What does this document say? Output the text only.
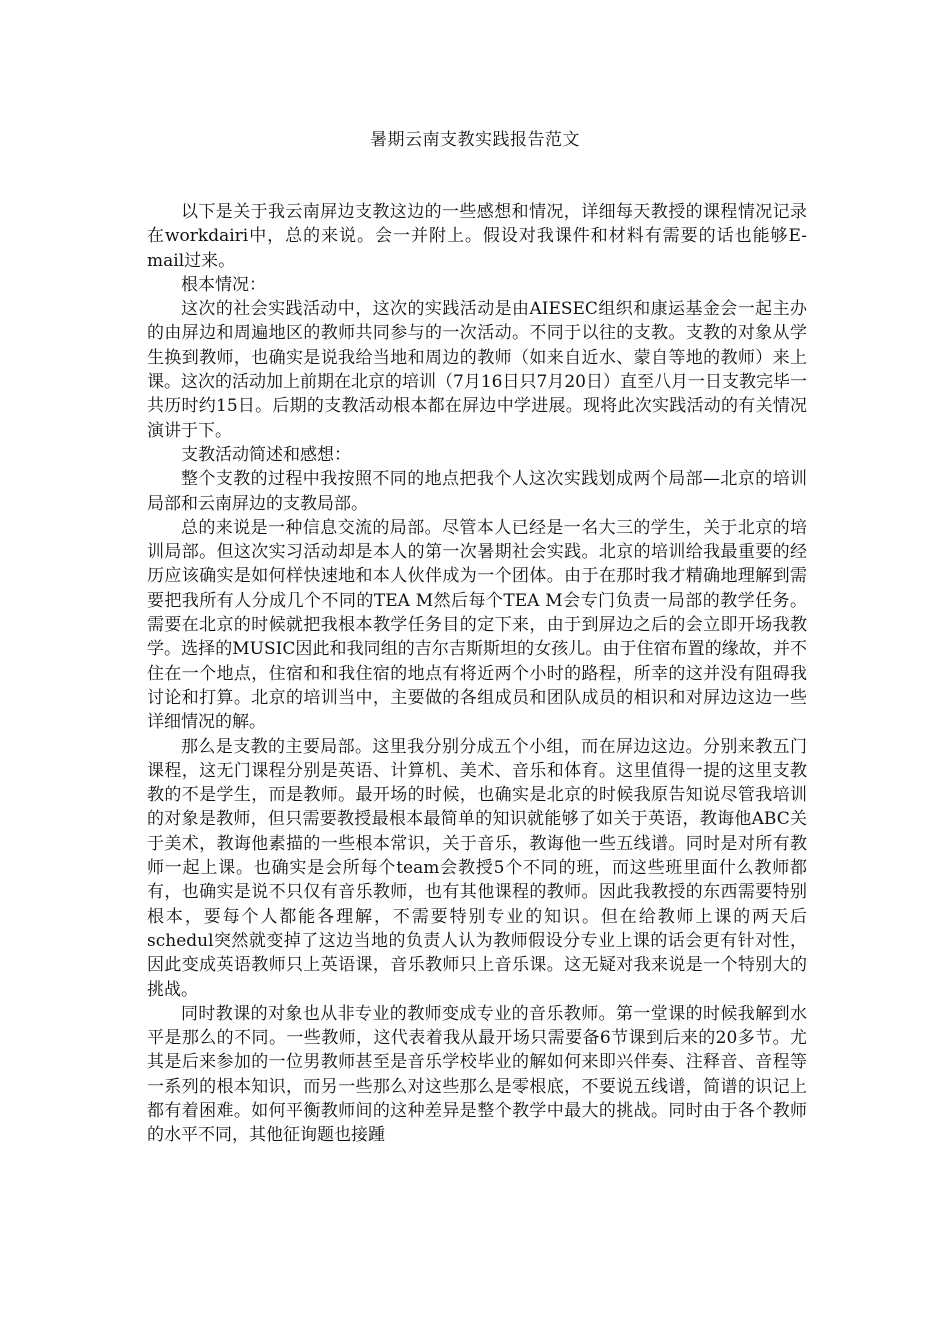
暑期云南支教实践报告范文

以下是关于我云南屏边支教这边的一些感想和情况，详细每天教授的课程情况记录在workdairi中，总的来说。会一并附上。假设对我课件和材料有需要的话也能够E-mail过来。

根本情况：

这次的社会实践活动中，这次的实践活动是由AIESEC组织和康运基金会一起主办的由屏边和周遍地区的教师共同参与的一次活动。不同于以往的支教。支教的对象从学生换到教师，也确实是说我给当地和周边的教师（如来自近水、蒙自等地的教师）来上课。这次的活动加上前期在北京的培训（7月16日只7月20日）直至八月一日支教完毕一共历时约15日。后期的支教活动根本都在屏边中学进展。现将此次实践活动的有关情况演讲于下。

支教活动简述和感想：

整个支教的过程中我按照不同的地点把我个人这次实践划成两个局部—北京的培训局部和云南屏边的支教局部。

总的来说是一种信息交流的局部。尽管本人已经是一名大三的学生，关于北京的培训局部。但这次实习活动却是本人的第一次暑期社会实践。北京的培训给我最重要的经历应该确实是如何样快速地和本人伙伴成为一个团体。由于在那时我才精确地理解到需要把我所有人分成几个不同的TEA M然后每个TEA M会专门负责一局部的教学任务。需要在北京的时候就把我根本教学任务目的定下来，由于到屏边之后的会立即开场我教学。选择的MUSIC因此和我同组的吉尔吉斯斯坦的女孩儿。由于住宿布置的缘故，并不住在一个地点，住宿和和我住宿的地点有将近两个小时的路程，所幸的这并没有阻碍我讨论和打算。北京的培训当中，主要做的各组成员和团队成员的相识和对屏边这边一些详细情况的解。

那么是支教的主要局部。这里我分别分成五个小组，而在屏边这边。分别来教五门课程，这无门课程分别是英语、计算机、美术、音乐和体育。这里值得一提的这里支教教的不是学生，而是教师。最开场的时候，也确实是北京的时候我原告知说尽管我培训的对象是教师，但只需要教授最根本最简单的知识就能够了如关于英语，教诲他ABC关于美术，教诲他素描的一些根本常识，关于音乐，教诲他一些五线谱。同时是对所有教师一起上课。也确实是会所每个team会教授5个不同的班，而这些班里面什么教师都有，也确实是说不只仅有音乐教师，也有其他课程的教师。因此我教授的东西需要特别根本，要每个人都能各理解，不需要特别专业的知识。但在给教师上课的两天后schedul突然就变掉了这边当地的负责人认为教师假设分专业上课的话会更有针对性，因此变成英语教师只上英语课，音乐教师只上音乐课。这无疑对我来说是一个特别大的挑战。

同时教课的对象也从非专业的教师变成专业的音乐教师。第一堂课的时候我解到水平是那么的不同。一些教师，这代表着我从最开场只需要备6节课到后来的20多节。尤其是后来参加的一位男教师甚至是音乐学校毕业的解如何来即兴伴奏、注释音、音程等一系列的根本知识，而另一些那么对这些那么是零根底，不要说五线谱，简谱的识记上都有着困难。如何平衡教师间的这种差异是整个教学中最大的挑战。同时由于各个教师的水平不同，其他征询题也接踵
